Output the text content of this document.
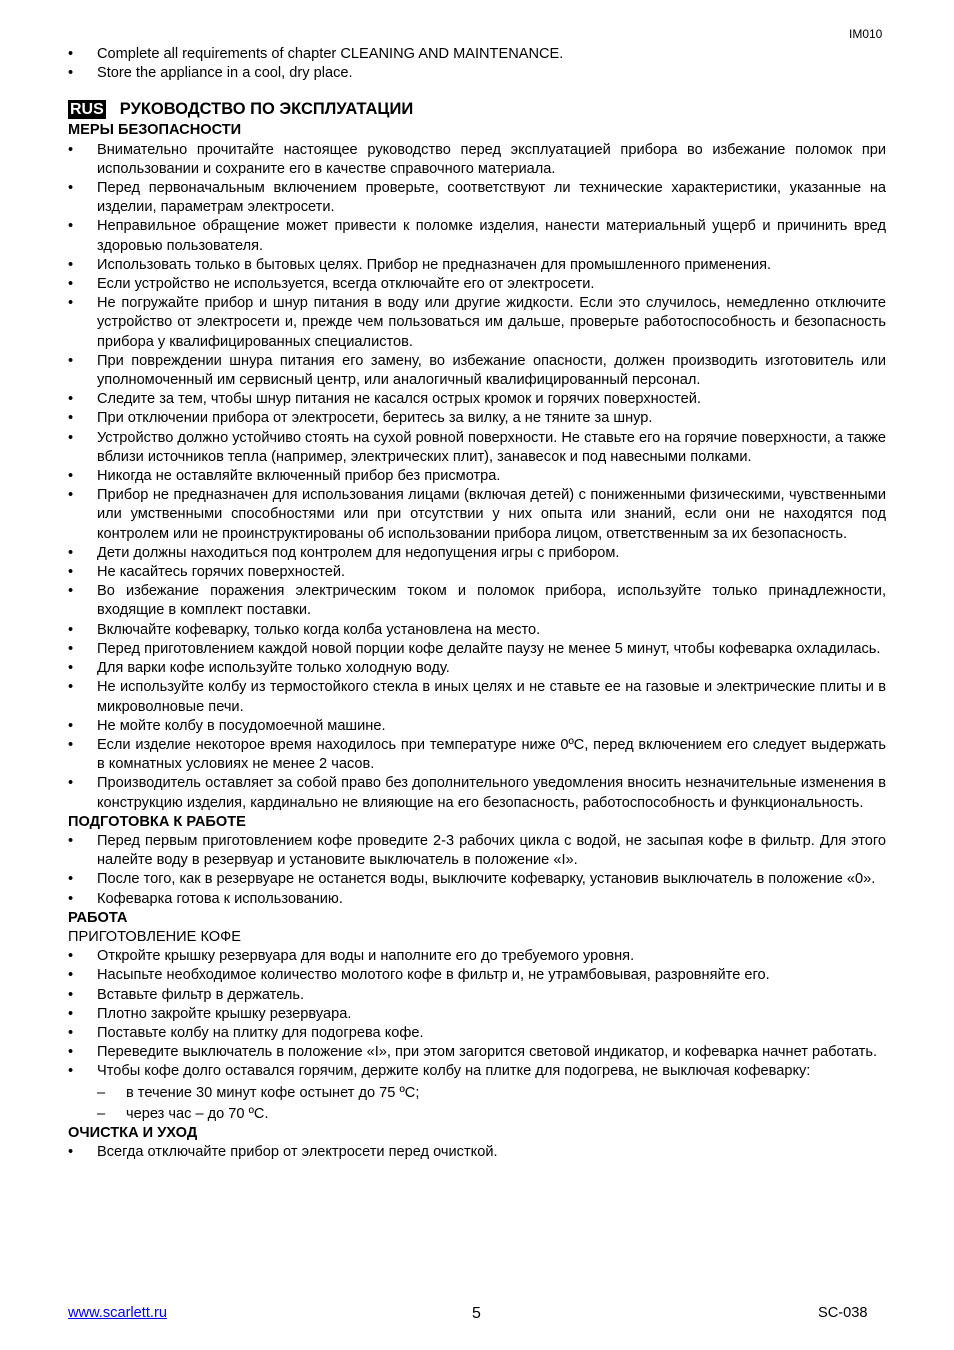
IM010
• Complete all requirements of chapter CLEANING AND MAINTENANCE.
• Store the appliance in a cool, dry place.
RUS РУКОВОДСТВО ПО ЭКСПЛУАТАЦИИ
МЕРЫ БЕЗОПАСНОСТИ
• Внимательно прочитайте настоящее руководство перед эксплуатацией прибора во избежание поломок при использовании и сохраните его в качестве справочного материала.
• Перед первоначальным включением проверьте, соответствуют ли технические характеристики, указанные на изделии, параметрам электросети.
• Неправильное обращение может привести к поломке изделия, нанести материальный ущерб и причинить вред здоровью пользователя.
• Использовать только в бытовых целях. Прибор не предназначен для промышленного применения.
• Если устройство не используется, всегда отключайте его от электросети.
• Не погружайте прибор и шнур питания в воду или другие жидкости. Если это случилось, немедленно отключите устройство от электросети и, прежде чем пользоваться им дальше, проверьте работоспособность и безопасность прибора у квалифицированных специалистов.
• При повреждении шнура питания его замену, во избежание опасности, должен производить изготовитель или уполномоченный им сервисный центр, или аналогичный квалифицированный персонал.
• Следите за тем, чтобы шнур питания не касался острых кромок и горячих поверхностей.
• При отключении прибора от электросети, беритесь за вилку, а не тяните за шнур.
• Устройство должно устойчиво стоять на сухой ровной поверхности. Не ставьте его на горячие поверхности, а также вблизи источников тепла (например, электрических плит), занавесок и под навесными полками.
• Никогда не оставляйте включенный прибор без присмотра.
• Прибор не предназначен для использования лицами (включая детей) с пониженными физическими, чувственными или умственными способностями или при отсутствии у них опыта или знаний, если они не находятся под контролем или не проинструктированы об использовании прибора лицом, ответственным за их безопасность.
• Дети должны находиться под контролем для недопущения игры с прибором.
• Не касайтесь горячих поверхностей.
• Во избежание поражения электрическим током и поломок прибора, используйте только принадлежности, входящие в комплект поставки.
• Включайте кофеварку, только когда колба установлена на место.
• Перед приготовлением каждой новой порции кофе делайте паузу не менее 5 минут, чтобы кофеварка охладилась.
• Для варки кофе используйте только холодную воду.
• Не используйте колбу из термостойкого стекла в иных целях и не ставьте ее на газовые и электрические плиты и в микроволновые печи.
• Не мойте колбу в посудомоечной машине.
• Если изделие некоторое время находилось при температуре ниже 0ºC, перед включением его следует выдержать в комнатных условиях не менее 2 часов.
• Производитель оставляет за собой право без дополнительного уведомления вносить незначительные изменения в конструкцию изделия, кардинально не влияющие на его безопасность, работоспособность и функциональность.
ПОДГОТОВКА К РАБОТЕ
• Перед первым приготовлением кофе проведите 2-3 рабочих цикла с водой, не засыпая кофе в фильтр. Для этого налейте воду в резервуар и установите выключатель в положение «I».
• После того, как в резервуаре не останется воды, выключите кофеварку, установив выключатель в положение «0».
• Кофеварка готова к использованию.
РАБОТА
ПРИГОТОВЛЕНИЕ КОФЕ
• Откройте крышку резервуара для воды и наполните его до требуемого уровня.
• Насыпьте необходимое количество молотого кофе в фильтр и, не утрамбовывая, разровняйте его.
• Вставьте фильтр в держатель.
• Плотно закройте крышку резервуара.
• Поставьте колбу на плитку для подогрева кофе.
• Переведите выключатель в положение «I», при этом загорится световой индикатор, и кофеварка начнет работать.
• Чтобы кофе долго оставался горячим, держите колбу на плитке для подогрева, не выключая кофеварку:
– в течение 30 минут кофе остынет до 75 ºC;
– через час – до 70 ºC.
ОЧИСТКА И УХОД
• Всегда отключайте прибор от электросети перед очисткой.
www.scarlett.ru	5	SC-038
